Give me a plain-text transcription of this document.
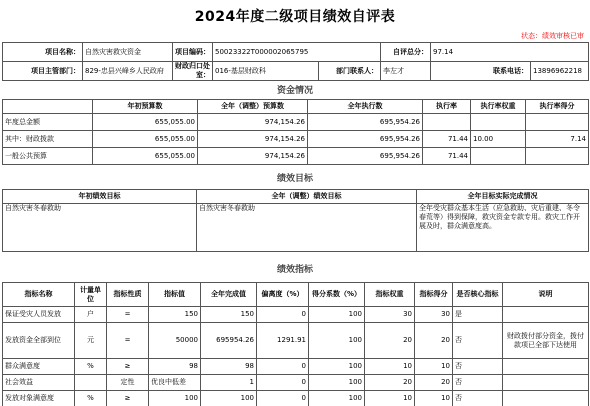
2024年度二级项目绩效自评表
状态：绩效审核已审
项目名称：	自然灾害救灾资金	项目编码：	50023322T000002065795		自评总分：	97.14	
项目主管部门：	829-忠县兴峰乡人民政府	财政归口处室：	016-基层财政科	部门联系人：	李左才	联系电话：	13896962218
资金情况
	年初预算数	全年（调整）预算数	全年执行数	执行率	执行率权重	执行率得分
年度总金额	655,055.00	974,154.26	695,954.26			
其中：财政拨款	655,055.00	974,154.26	695,954.26	71.44	10.00	7.14
一般公共预算	655,055.00	974,154.26	695,954.26	71.44		
绩效目标
年初绩效目标	全年（调整）绩效目标	全年目标实际完成情况
自然灾害冬春救助	自然灾害冬春救助	全年受灾群众基本生活（应急救助、灾后重建、冬令春荒等）得到保障，救灾资金专款专用。救灾工作开展及时，群众满意度高。
绩效指标
指标名称	计量单位	指标性质	指标值	全年完成值	偏离度（%）	得分系数（%）	指标权重	指标得分	是否核心指标	说明
保证受灾人员发放	户	=	150	150	0	100	30	30	是	
发放资金全部到位	元	=	50000	695954.26	1291.91	100	20	20	否	财政拨付部分资金，拨付款项已全部下达使用
群众满意度	%	≥	98	98	0	100	10	10	否	
社会效益		定性	优良中低差	1	0	100	20	20	否	
发放对象满意度	%	≥	100	100	0	100	10	10	否	
